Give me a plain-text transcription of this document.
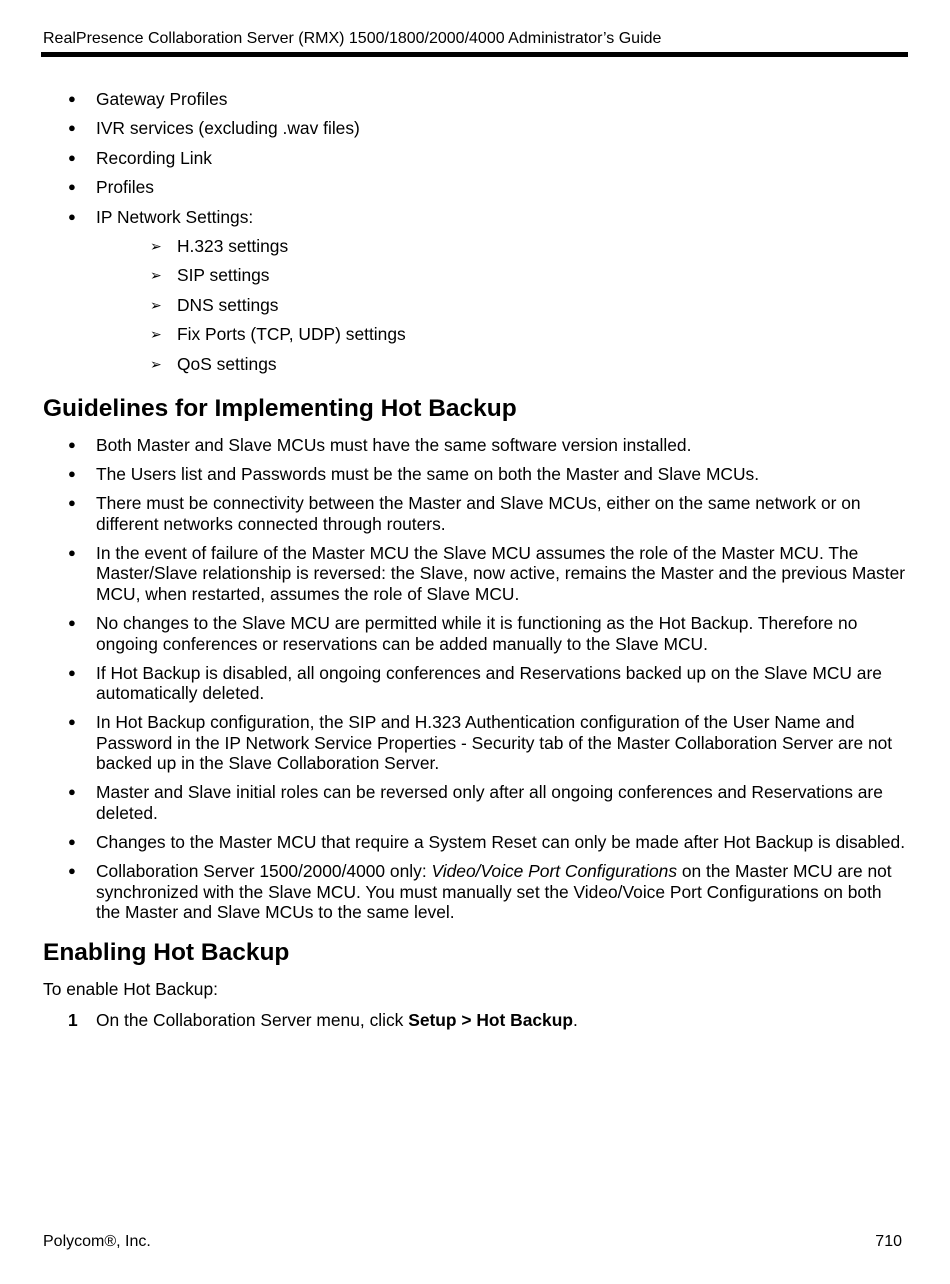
RealPresence Collaboration Server (RMX) 1500/1800/2000/4000 Administrator’s Guide
● Gateway Profiles
● IVR services (excluding .wav files)
● Recording Link
● Profiles
● IP Network Settings:
➢ H.323 settings
➢ SIP settings
➢ DNS settings
➢ Fix Ports (TCP, UDP) settings
➢ QoS settings
Guidelines for Implementing Hot Backup
● Both Master and Slave MCUs must have the same software version installed.
● The Users list and Passwords must be the same on both the Master and Slave MCUs.
● There must be connectivity between the Master and Slave MCUs, either on the same network or on different networks connected through routers.
● In the event of failure of the Master MCU the Slave MCU assumes the role of the Master MCU. The Master/Slave relationship is reversed: the Slave, now active, remains the Master and the previous Master MCU, when restarted, assumes the role of Slave MCU.
● No changes to the Slave MCU are permitted while it is functioning as the Hot Backup. Therefore no ongoing conferences or reservations can be added manually to the Slave MCU.
● If Hot Backup is disabled, all ongoing conferences and Reservations backed up on the Slave MCU are automatically deleted.
● In Hot Backup configuration, the SIP and H.323 Authentication configuration of the User Name and Password in the IP Network Service Properties - Security tab of the Master Collaboration Server are not backed up in the Slave Collaboration Server.
● Master and Slave initial roles can be reversed only after all ongoing conferences and Reservations are deleted.
● Changes to the Master MCU that require a System Reset can only be made after Hot Backup is disabled.
● Collaboration Server 1500/2000/4000 only: Video/Voice Port Configurations on the Master MCU are not synchronized with the Slave MCU. You must manually set the Video/Voice Port Configurations on both the Master and Slave MCUs to the same level.
Enabling Hot Backup

To enable Hot Backup:

1 On the Collaboration Server menu, click Setup > Hot Backup.
Polycom®, Inc.	710
